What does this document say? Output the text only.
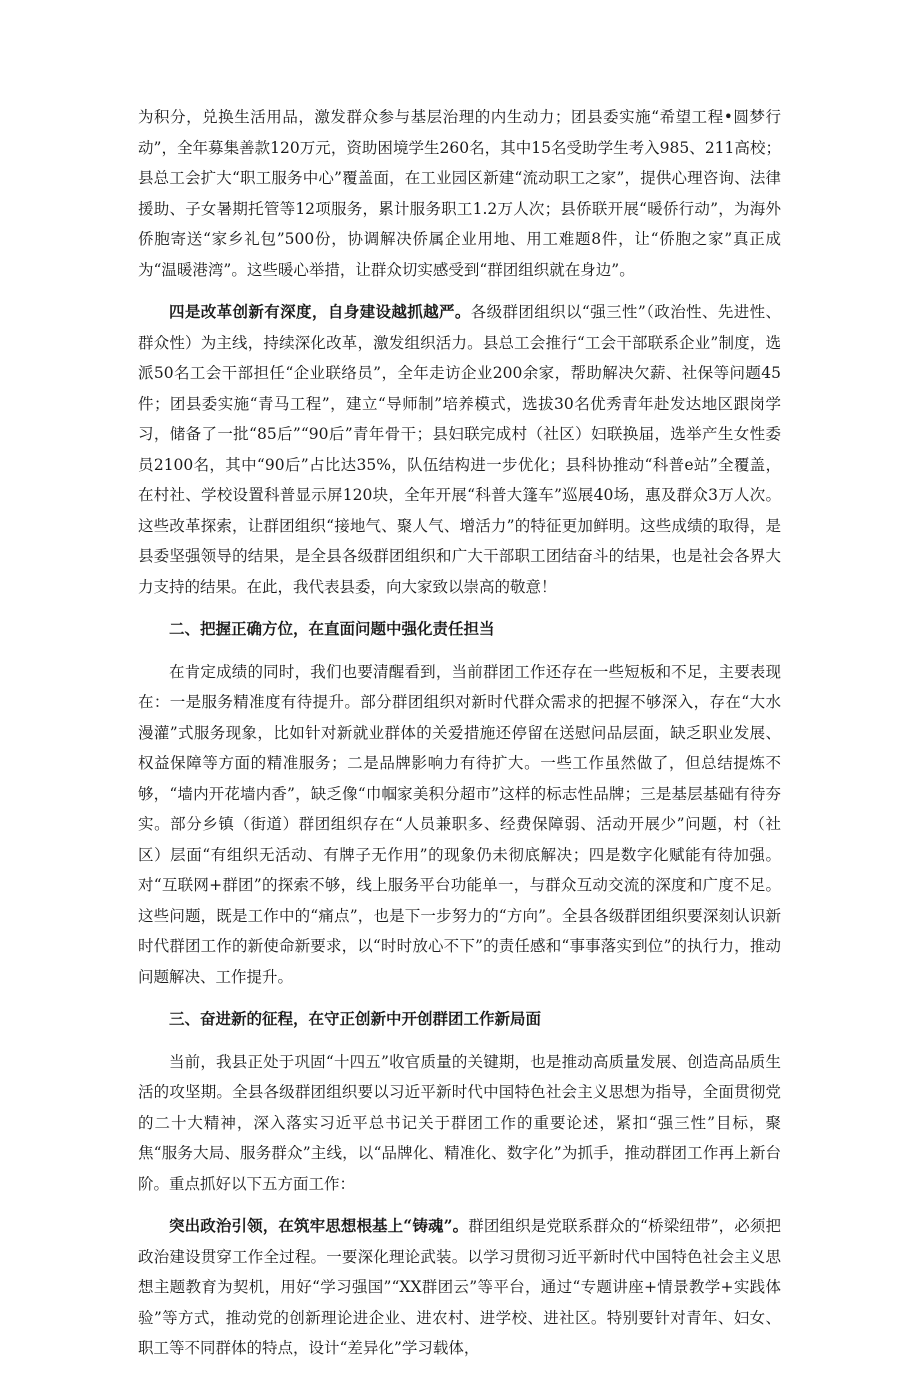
为积分，兑换生活用品，激发群众参与基层治理的内生动力；团县委实施“希望工程•圆梦行动”，全年募集善款120万元，资助困境学生260名，其中15名受助学生考入985、211高校；县总工会扩大“职工服务中心”覆盖面，在工业园区新建“流动职工之家”，提供心理咨询、法律援助、子女暑期托管等12项服务，累计服务职工1.2万人次；县侨联开展“暖侨行动”，为海外侨胞寄送“家乡礼包”500份，协调解决侨属企业用地、用工难题8件，让“侨胞之家”真正成为“温暖港湾”。这些暖心举措，让群众切实感受到“群团组织就在身边”。

四是改革创新有深度，自身建设越抓越严。各级群团组织以“强三性”（政治性、先进性、群众性）为主线，持续深化改革，激发组织活力。县总工会推行“工会干部联系企业”制度，选派50名工会干部担任“企业联络员”，全年走访企业200余家，帮助解决欠薪、社保等问题45件；团县委实施“青马工程”，建立“导师制”培养模式，选拔30名优秀青年赴发达地区跟岗学习，储备了一批“85后”“90后”青年骨干；县妇联完成村（社区）妇联换届，选举产生女性委员2100名，其中“90后”占比达35%，队伍结构进一步优化；县科协推动“科普e站”全覆盖，在村社、学校设置科普显示屏120块，全年开展“科普大篷车”巡展40场，惠及群众3万人次。这些改革探索，让群团组织“接地气、聚人气、增活力”的特征更加鲜明。这些成绩的取得，是县委坚强领导的结果，是全县各级群团组织和广大干部职工团结奋斗的结果，也是社会各界大力支持的结果。在此，我代表县委，向大家致以崇高的敬意！

二、把握正确方位，在直面问题中强化责任担当

在肯定成绩的同时，我们也要清醒看到，当前群团工作还存在一些短板和不足，主要表现在：一是服务精准度有待提升。部分群团组织对新时代群众需求的把握不够深入，存在“大水漫灌”式服务现象，比如针对新就业群体的关爱措施还停留在送慰问品层面，缺乏职业发展、权益保障等方面的精准服务；二是品牌影响力有待扩大。一些工作虽然做了，但总结提炼不够，“墙内开花墙内香”，缺乏像“巾帼家美积分超市”这样的标志性品牌；三是基层基础有待夯实。部分乡镇（街道）群团组织存在“人员兼职多、经费保障弱、活动开展少”问题，村（社区）层面“有组织无活动、有牌子无作用”的现象仍未彻底解决；四是数字化赋能有待加强。对“互联网+群团”的探索不够，线上服务平台功能单一，与群众互动交流的深度和广度不足。这些问题，既是工作中的“痛点”，也是下一步努力的“方向”。全县各级群团组织要深刻认识新时代群团工作的新使命新要求，以“时时放心不下”的责任感和“事事落实到位”的执行力，推动问题解决、工作提升。

三、奋进新的征程，在守正创新中开创群团工作新局面

当前，我县正处于巩固“十四五”收官质量的关键期，也是推动高质量发展、创造高品质生活的攻坚期。全县各级群团组织要以习近平新时代中国特色社会主义思想为指导，全面贯彻党的二十大精神，深入落实习近平总书记关于群团工作的重要论述，紧扣“强三性”目标，聚焦“服务大局、服务群众”主线，以“品牌化、精准化、数字化”为抓手，推动群团工作再上新台阶。重点抓好以下五方面工作：

突出政治引领，在筑牢思想根基上“铸魂”。群团组织是党联系群众的“桥梁纽带”，必须把政治建设贯穿工作全过程。一要深化理论武装。以学习贯彻习近平新时代中国特色社会主义思想主题教育为契机，用好“学习强国”“XX群团云”等平台，通过“专题讲座+情景教学+实践体验”等方式，推动党的创新理论进企业、进农村、进学校、进社区。特别要针对青年、妇女、职工等不同群体的特点，设计“差异化”学习载体，
